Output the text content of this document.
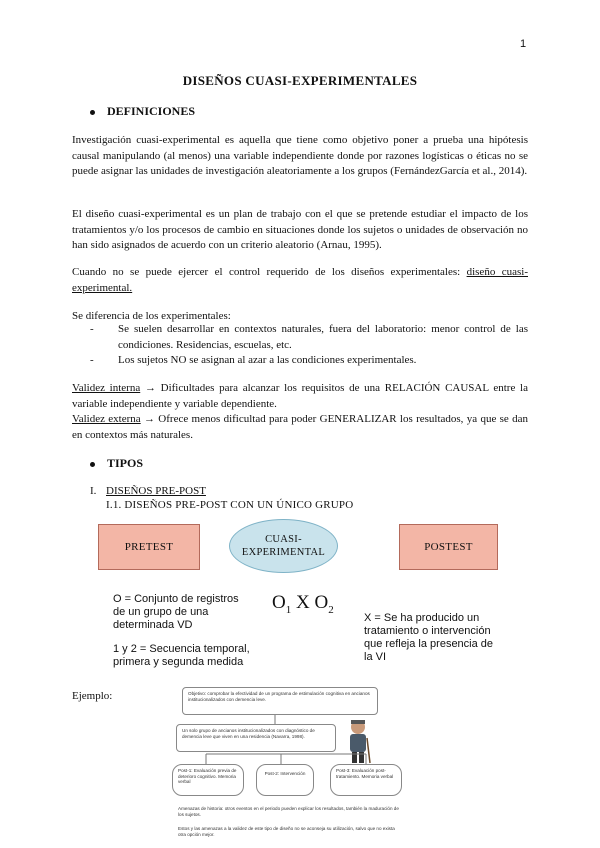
1
DISEÑOS CUASI-EXPERIMENTALES
DEFINICIONES
Investigación cuasi-experimental es aquella que tiene como objetivo poner a prueba una hipótesis causal manipulando (al menos) una variable independiente donde por razones logísticas o éticas no se puede asignar las unidades de investigación aleatoriamente a los grupos (FernándezGarcía et al., 2014).
El diseño cuasi-experimental es un plan de trabajo con el que se pretende estudiar el impacto de los tratamientos y/o los procesos de cambio en situaciones donde los sujetos o unidades de observación no han sido asignados de acuerdo con un criterio aleatorio (Arnau, 1995).
Cuando no se puede ejercer el control requerido de los diseños experimentales: diseño cuasi-experimental.
Se diferencia de los experimentales:
- Se suelen desarrollar en contextos naturales, fuera del laboratorio: menor control de las condiciones. Residencias, escuelas, etc.
- Los sujetos NO se asignan al azar a las condiciones experimentales.
Validez interna → Dificultades para alcanzar los requisitos de una RELACIÓN CAUSAL entre la variable independiente y variable dependiente.
Validez externa → Ofrece menos dificultad para poder GENERALIZAR los resultados, ya que se dan en contextos más naturales.
TIPOS
I. DISEÑOS PRE-POST
I.1. DISEÑOS PRE-POST CON UN ÚNICO GRUPO
PRETEST
CUASI-EXPERIMENTAL	POSTEST
$O_1$ X $O_2$
O = Conjunto de registros de un grupo de una determinada VD
1 y 2 = Secuencia temporal, primera y segunda medida
X = Se ha producido un tratamiento o intervención que refleja la presencia de la VI
Ejemplo:	Objetivo: comprobar la efectividad de un programa de estimulación cognitiva en ancianos institucionalizados con demencia leve.
Un solo grupo de ancianos institucionalizados con diagnóstico de demencia leve que viven en una residencia (Navarra, 1998).
Post-1: Evaluación previa de deterioro cognitivo. Memoria verbal
Post-2: Intervención
Post-3: Evaluación post-tratamiento. Memoria verbal
Amenazas de historia: otros eventos en el periodo pueden explicar los resultados, también la maduración de los sujetos.
Estos y las amenazas a la validez de este tipo de diseño no se aconseja su utilización, salvo que no exista otra opción mejor.
